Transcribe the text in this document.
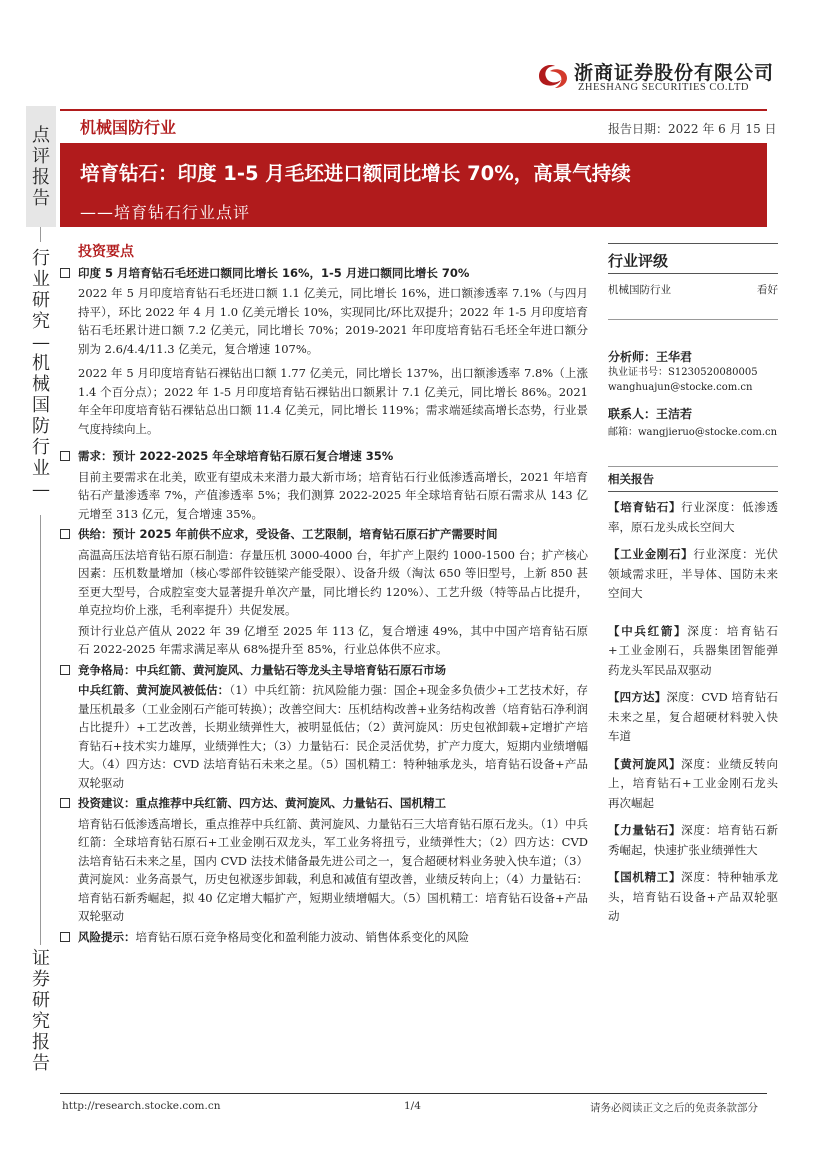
浙商证券股份有限公司
ZHESHANG SECURITIES CO.LTD
机械国防行业	报告日期：2022 年 6 月 15 日
培育钻石：印度 1-5 月毛坯进口额同比增长 70%，高景气持续
——培育钻石行业点评
点评报告
行业研究—机械国防行业—
证券研究报告
投资要点
印度 5 月培育钻石毛坯进口额同比增长 16%，1-5 月进口额同比增长 70%

2022 年 5 月印度培育钻石毛坯进口额 1.1 亿美元，同比增长 16%，进口额渗透率 7.1%（与四月持平），环比 2022 年 4 月 1.0 亿美元增长 10%，实现同比/环比双提升；2022 年 1-5 月印度培育钻石毛坯累计进口额 7.2 亿美元，同比增长 70%；2019-2021 年印度培育钻石毛坯全年进口额分别为 2.6/4.4/11.3 亿美元，复合增速 107%。

2022 年 5 月印度培育钻石裸钻出口额 1.77 亿美元，同比增长 137%，出口额渗透率 7.8%（上涨 1.4 个百分点）；2022 年 1-5 月印度培育钻石裸钻出口额累计 7.1 亿美元，同比增长 86%。2021 年全年印度培育钻石裸钻总出口额 11.4 亿美元，同比增长 119%；需求端延续高增长态势，行业景气度持续向上。

需求：预计 2022-2025 年全球培育钻石原石复合增速 35%

目前主要需求在北美，欧亚有望成未来潜力最大新市场；培育钻石行业低渗透高增长，2021 年培育钻石产量渗透率 7%，产值渗透率 5%；我们测算 2022-2025 年全球培育钻石原石需求从 143 亿元增至 313 亿元，复合增速 35%。

供给：预计 2025 年前供不应求，受设备、工艺限制，培育钻石原石扩产需要时间

高温高压法培育钻石原石制造：存量压机 3000-4000 台，年扩产上限约 1000-1500 台；扩产核心因素：压机数量增加（核心零部件铰链梁产能受限）、设备升级（淘汰 650 等旧型号，上新 850 甚至更大型号，合成腔室变大显著提升单次产量，同比增长约 120%）、工艺升级（特等品占比提升，单克拉均价上涨，毛利率提升）共促发展。

预计行业总产值从 2022 年 39 亿增至 2025 年 113 亿，复合增速 49%，其中中国产培育钻石原石 2022-2025 年需求满足率从 68%提升至 85%，行业总体供不应求。

竞争格局：中兵红箭、黄河旋风、力量钻石等龙头主导培育钻石原石市场

中兵红箭、黄河旋风被低估：（1）中兵红箭：抗风险能力强：国企+现金多负债少+工艺技术好，存量压机最多（工业金刚石产能可转换）；改善空间大：压机结构改善+业务结构改善（培育钻石净利润占比提升）+工艺改善，长期业绩弹性大，被明显低估；（2）黄河旋风：历史包袱卸载+定增扩产培育钻石+技术实力雄厚，业绩弹性大；（3）力量钻石：民企灵活优势，扩产力度大，短期内业绩增幅大。（4）四方达：CVD 法培育钻石未来之星。（5）国机精工：特种轴承龙头，培育钻石设备+产品双轮驱动

投资建议：重点推荐中兵红箭、四方达、黄河旋风、力量钻石、国机精工

培育钻石低渗透高增长，重点推荐中兵红箭、黄河旋风、力量钻石三大培育钻石原石龙头。（1）中兵红箭：全球培育钻石原石+工业金刚石双龙头，军工业务将扭亏，业绩弹性大；（2）四方达：CVD 法培育钻石未来之星，国内 CVD 法技术储备最先进公司之一，复合超硬材料业务驶入快车道；（3）黄河旋风：业务高景气，历史包袱逐步卸载，利息和减值有望改善，业绩反转向上；（4）力量钻石：培育钻石新秀崛起，拟 40 亿定增大幅扩产，短期业绩增幅大。（5）国机精工：培育钻石设备+产品双轮驱动

风险提示：培育钻石原石竞争格局变化和盈利能力波动、销售体系变化的风险
行业评级
机械国防行业	看好
分析师：王华君
执业证书号：S1230520080005
wanghuajun@stocke.com.cn
联系人：王洁若
邮箱：wangjieruo@stocke.com.cn
相关报告
【培育钻石】行业深度：低渗透率，原石龙头成长空间大
【工业金刚石】行业深度：光伏领域需求旺，半导体、国防未来空间大
【中兵红箭】深度：培育钻石+工业金刚石，兵器集团智能弹药龙头军民品双驱动
【四方达】深度：CVD 培育钻石未来之星，复合超硬材料驶入快车道
【黄河旋风】深度：业绩反转向上，培育钻石+工业金刚石龙头再次崛起
【力量钻石】深度：培育钻石新秀崛起，快速扩张业绩弹性大
【国机精工】深度：特种轴承龙头，培育钻石设备+产品双轮驱动
http://research.stocke.com.cn	1/4	请务必阅读正文之后的免责条款部分
